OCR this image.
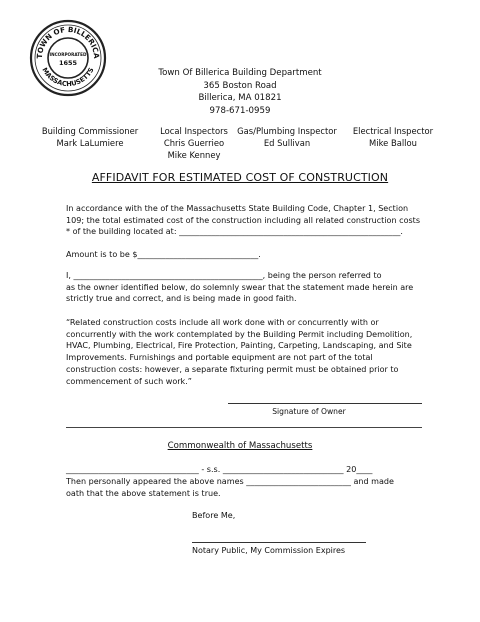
TOWN OF BILLERICA
MASSACHUSETTS
INCORPORATED
1655
Town Of Billerica Building Department
365 Boston Road
Billerica, MA 01821
978-671-0959
Building Commissioner
Mark LaLumiere
Local Inspectors
Chris Guerrieo
Mike Kenney
Gas/Plumbing Inspector
Ed Sullivan
Electrical Inspector
Mike Ballou
AFFIDAVIT FOR ESTIMATED COST OF CONSTRUCTION

In accordance with the of the Massachusetts State Building Code, Chapter 1, Section

109; the total estimated cost of the construction including all related construction costs

* of the building located at: _______________________________________________________.

Amount is to be $______________________________.

I, _______________________________________________, being the person referred to

as the owner identified below, do solemnly swear that the statement made herein are

strictly true and correct, and is being made in good faith.

“Related construction costs include all work done with or concurrently with or

concurrently with the work contemplated by the Building Permit including Demolition,

HVAC, Plumbing, Electrical, Fire Protection, Painting, Carpeting, Landscaping, and Site

Improvements. Furnishings and portable equipment are not part of the total

construction costs: however, a separate fixturing permit must be obtained prior to

commencement of such work.”

Signature of Owner
Commonwealth of Massachusetts
_________________________________ - s.s. ______________________________ 20____

Then personally appeared the above names __________________________ and made

oath that the above statement is true.

Before Me,
Notary Public, My Commission Expires
